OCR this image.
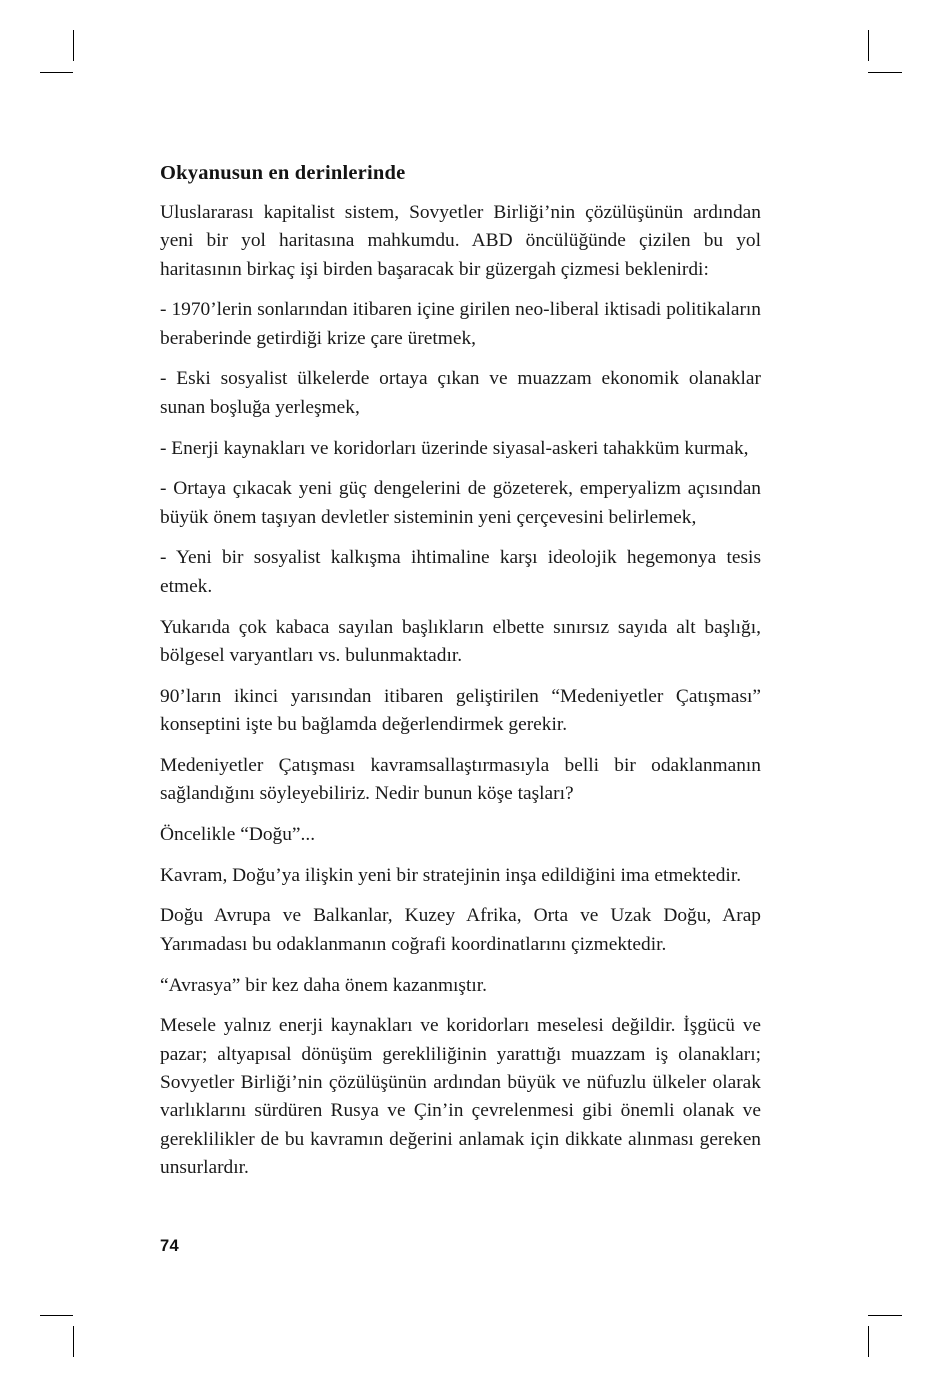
Okyanusun en derinlerinde

Uluslararası kapitalist sistem, Sovyetler Birliği’nin çözülüşünün ardından yeni bir yol haritasına mahkumdu. ABD öncülüğünde çizilen bu yol haritasının birkaç işi birden başaracak bir güzergah çizmesi beklenirdi:

- 1970’lerin sonlarından itibaren içine girilen neo-liberal iktisadi politikaların beraberinde getirdiği krize çare üretmek,

- Eski sosyalist ülkelerde ortaya çıkan ve muazzam ekonomik olanaklar sunan boşluğa yerleşmek,

- Enerji kaynakları ve koridorları üzerinde siyasal-askeri tahakküm kurmak,

- Ortaya çıkacak yeni güç dengelerini de gözeterek, emperyalizm açısından büyük önem taşıyan devletler sisteminin yeni çerçevesini belirlemek,

- Yeni bir sosyalist kalkışma ihtimaline karşı ideolojik hegemonya tesis etmek.

Yukarıda çok kabaca sayılan başlıkların elbette sınırsız sayıda alt başlığı, bölgesel varyantları vs. bulunmaktadır.

90’ların ikinci yarısından itibaren geliştirilen “Medeniyetler Çatışması” konseptini işte bu bağlamda değerlendirmek gerekir.

Medeniyetler Çatışması kavramsallaştırmasıyla belli bir odaklanmanın sağlandığını söyleyebiliriz. Nedir bunun köşe taşları?

Öncelikle “Doğu”...

Kavram, Doğu’ya ilişkin yeni bir stratejinin inşa edildiğini ima etmektedir.

Doğu Avrupa ve Balkanlar, Kuzey Afrika, Orta ve Uzak Doğu, Arap Yarımadası bu odaklanmanın coğrafi koordinatlarını çizmektedir.

“Avrasya” bir kez daha önem kazanmıştır.

Mesele yalnız enerji kaynakları ve koridorları meselesi değildir. İşgücü ve pazar; altyapısal dönüşüm gerekliliğinin yarattığı muazzam iş olanakları; Sovyetler Birliği’nin çözülüşünün ardından büyük ve nüfuzlu ülkeler olarak varlıklarını sürdüren Rusya ve Çin’in çevrelenmesi gibi önemli olanak ve gereklilikler de bu kavramın değerini anlamak için dikkate alınması gereken unsurlardır.

74
